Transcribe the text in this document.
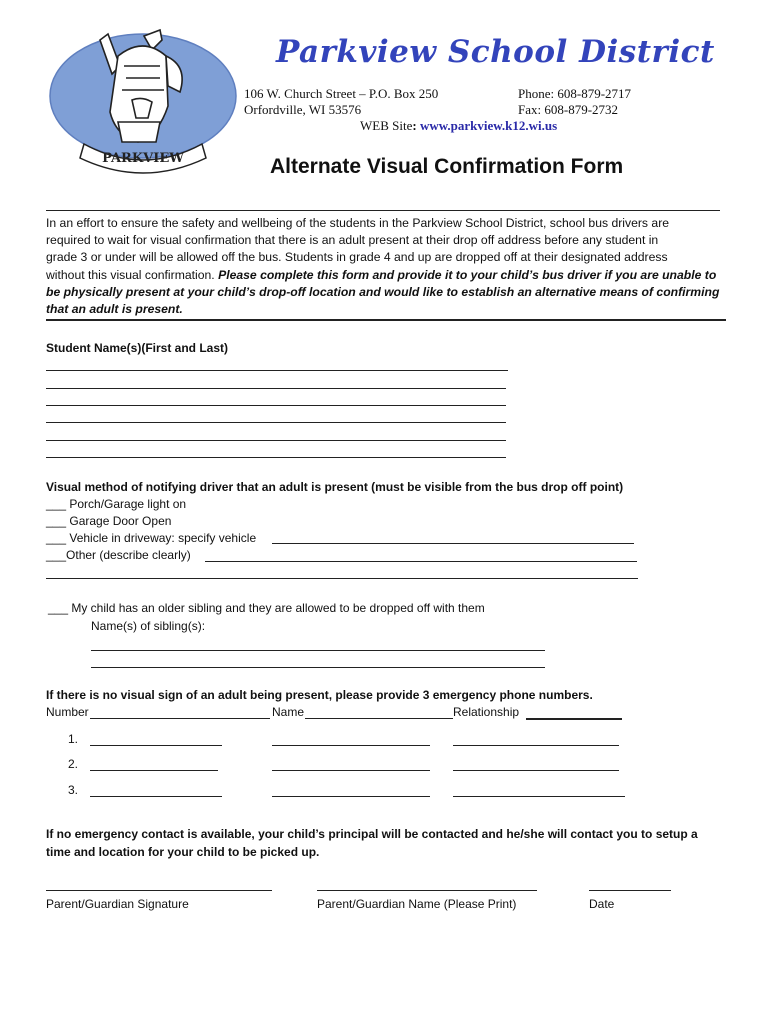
PARKVIEW
Parkview School District
106 W. Church Street – P.O. Box 250
Orfordville, WI 53576
Phone: 608-879-2717
Fax: 608-879-2732
WEB Site: www.parkview.k12.wi.us
Alternate Visual Confirmation Form
In an effort to ensure the safety and wellbeing of the students in the Parkview School District, school bus drivers are
required to wait for visual confirmation that there is an adult present at their drop off address before any student in
grade 3 or under will be allowed off the bus. Students in grade 4 and up are dropped off at their designated address
without this visual confirmation. Please complete this form and provide it to your child’s bus driver if you are unable to
be physically present at your child’s drop-off location and would like to establish an alternative means of confirming
that an adult is present.
Student Name(s)(First and Last)
Visual method of notifying driver that an adult is present (must be visible from the bus drop off point)
___ Porch/Garage light on
___ Garage Door Open
___ Vehicle in driveway: specify vehicle
___Other (describe clearly)
___ My child has an older sibling and they are allowed to be dropped off with them
Name(s) of sibling(s):
If there is no visual sign of an adult being present, please provide 3 emergency phone numbers.
Number	Name	Relationship
1.
2.
3.
If no emergency contact is available, your child’s principal will be contacted and he/she will contact you to setup a
time and location for your child to be picked up.
Parent/Guardian Signature	Parent/Guardian Name (Please Print)	Date
